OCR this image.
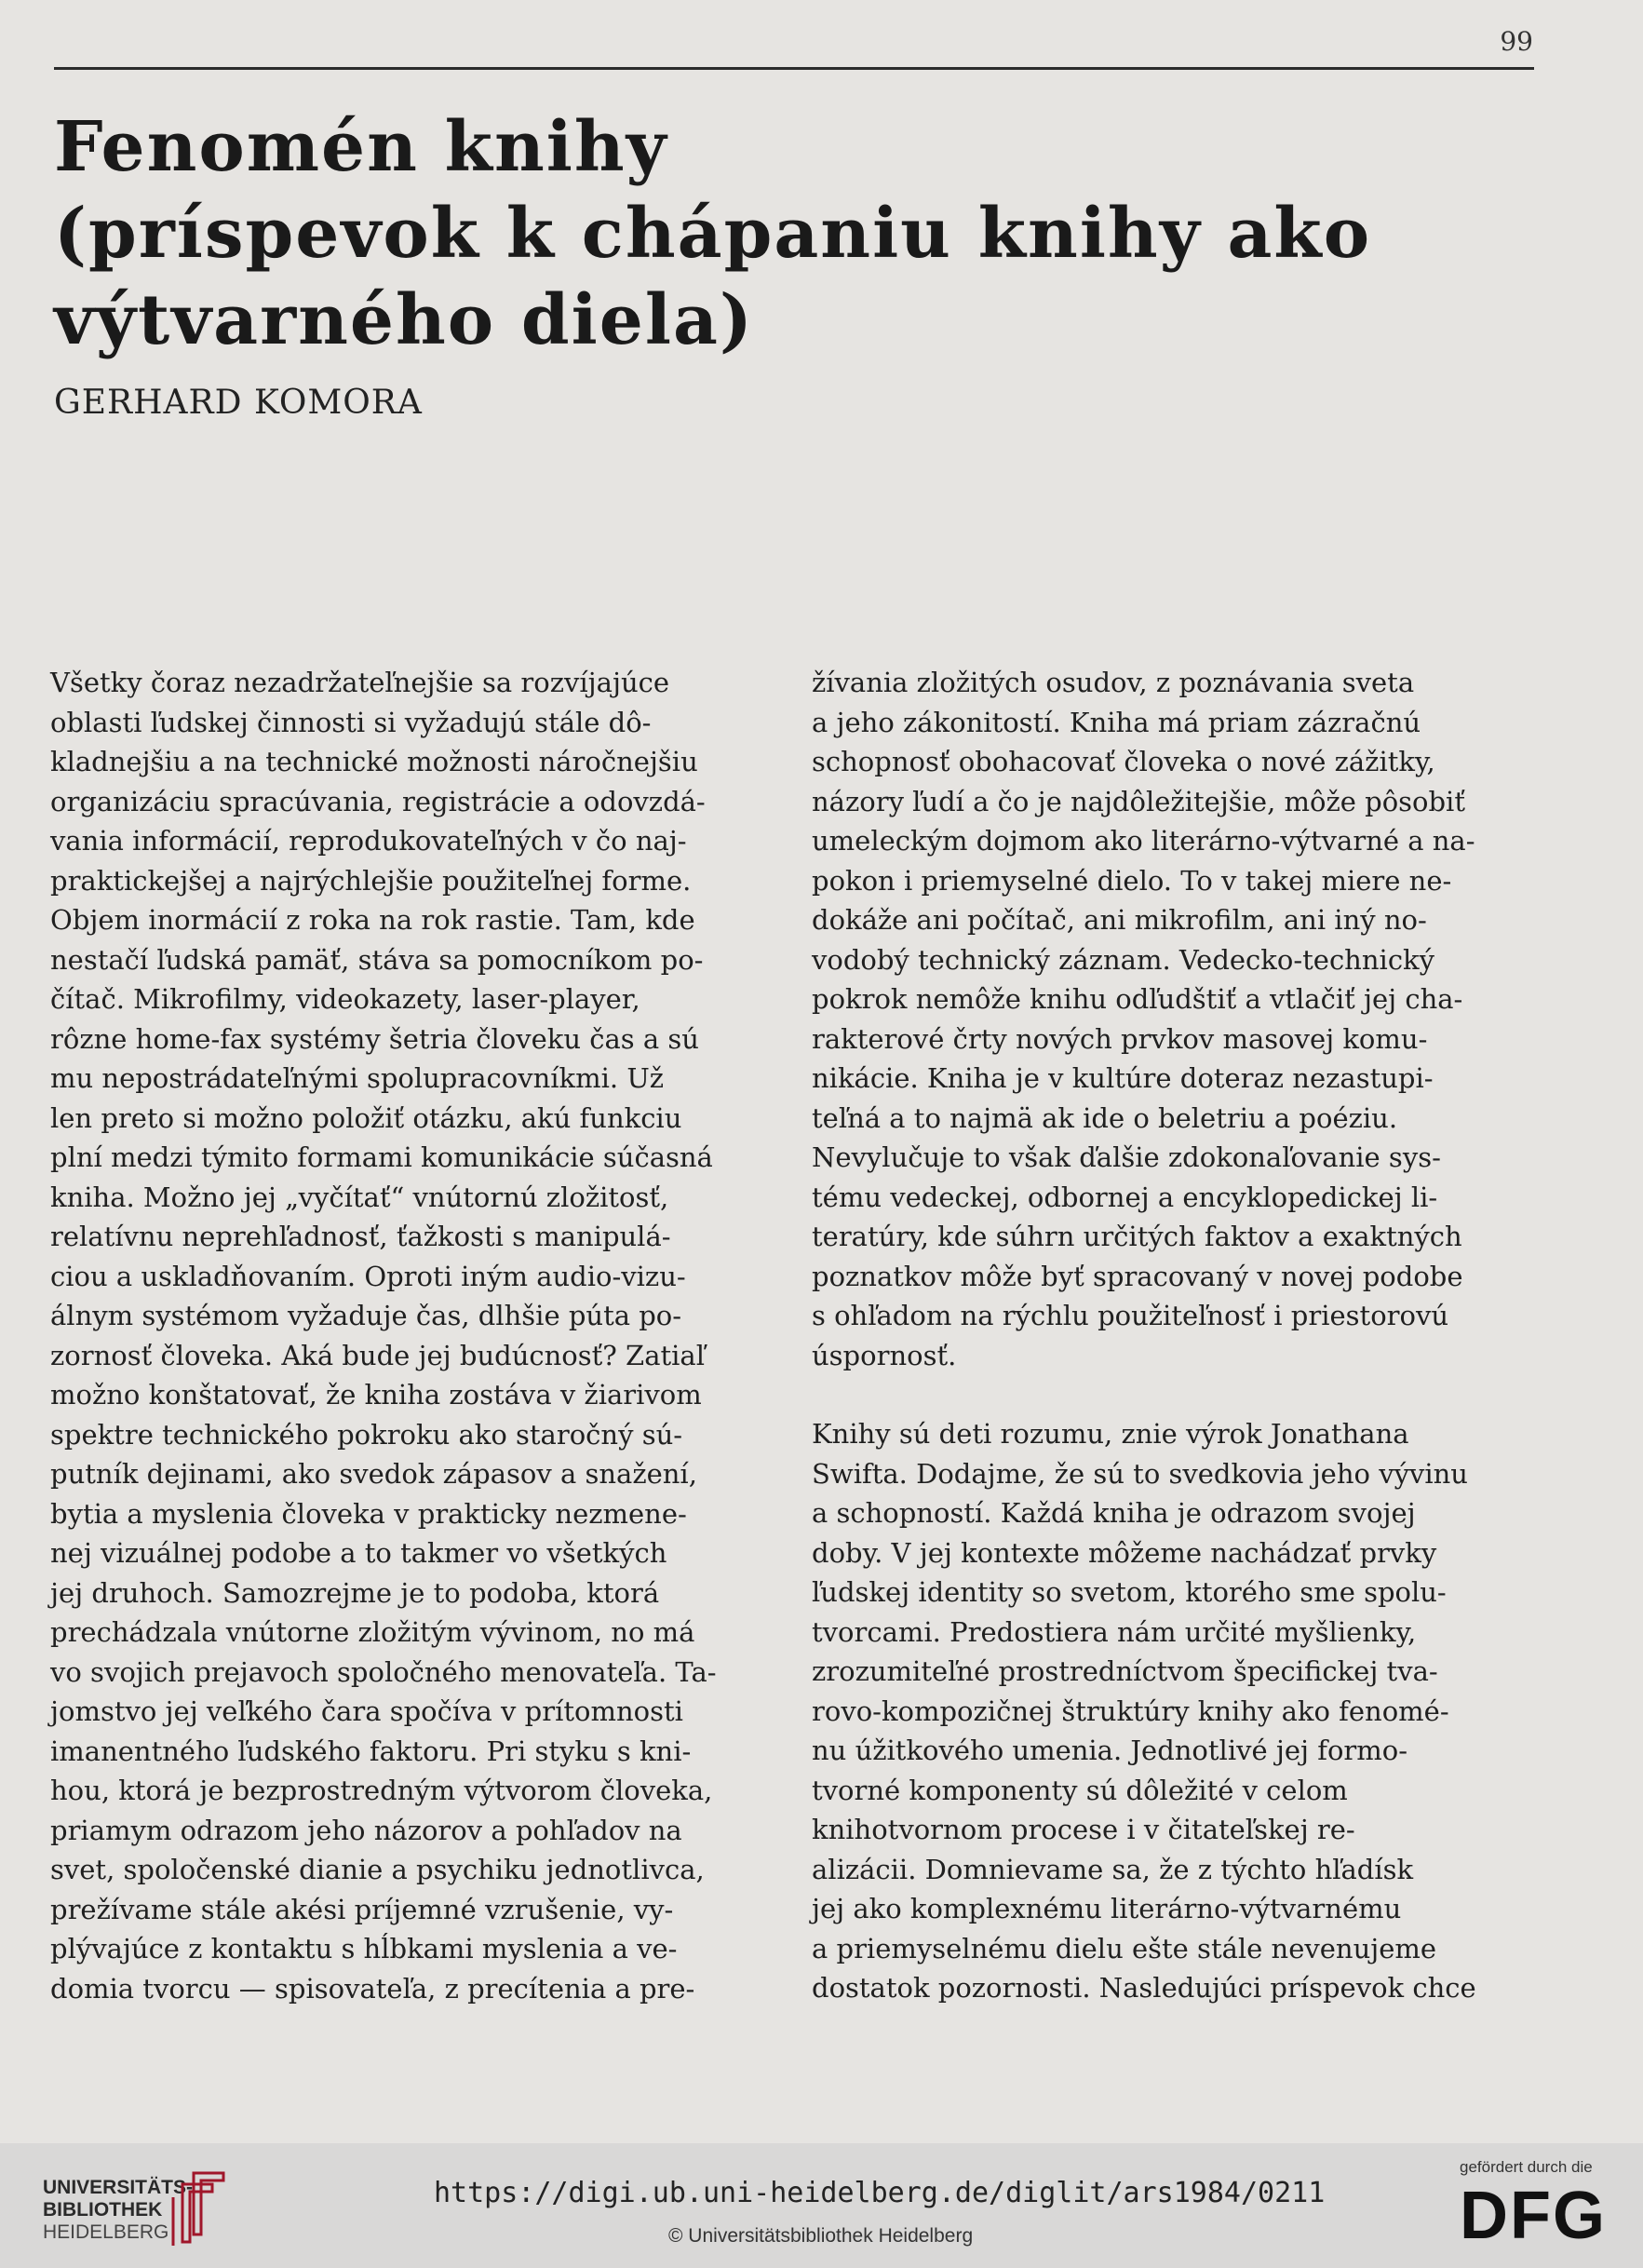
99
Fenomén knihy
(príspevok k chápaniu knihy ako
výtvarného diela)

GERHARD KOMORA

Všetky čoraz nezadržateľnejšie sa rozvíjajúce
oblasti ľudskej činnosti si vyžadujú stále dô-
kladnejšiu a na technické možnosti náročnejšiu
organizáciu spracúvania, registrácie a odovzdá-
vania informácií, reprodukovateľných v čo naj-
praktickejšej a najrýchlejšie použiteľnej forme.
Objem inormácií z roka na rok rastie. Tam, kde
nestačí ľudská pamäť, stáva sa pomocníkom po-
čítač. Mikrofilmy, videokazety, laser-player,
rôzne home-fax systémy šetria človeku čas a sú
mu nepostrádateľnými spolupracovníkmi. Už
len preto si možno položiť otázku, akú funkciu
plní medzi týmito formami komunikácie súčasná
kniha. Možno jej „vyčítať“ vnútornú zložitosť,
relatívnu neprehľadnosť, ťažkosti s manipulá-
ciou a uskladňovaním. Oproti iným audio-vizu-
álnym systémom vyžaduje čas, dlhšie púta po-
zornosť človeka. Aká bude jej budúcnosť? Zatiaľ
možno konštatovať, že kniha zostáva v žiarivom
spektre technického pokroku ako staročný sú-
putník dejinami, ako svedok zápasov a snažení,
bytia a myslenia človeka v prakticky nezmene-
nej vizuálnej podobe a to takmer vo všetkých
jej druhoch. Samozrejme je to podoba, ktorá
prechádzala vnútorne zložitým vývinom, no má
vo svojich prejavoch spoločného menovateľa. Ta-
jomstvo jej veľkého čara spočíva v prítomnosti
imanentného ľudského faktoru. Pri styku s kni-
hou, ktorá je bezprostredným výtvorom človeka,
priamym odrazom jeho názorov a pohľadov na
svet, spoločenské dianie a psychiku jednotlivca,
prežívame stále akési príjemné vzrušenie, vy-
plývajúce z kontaktu s hĺbkami myslenia a ve-
domia tvorcu — spisovateľa, z precítenia a pre-

žívania zložitých osudov, z poznávania sveta
a jeho zákonitostí. Kniha má priam zázračnú
schopnosť obohacovať človeka o nové zážitky,
názory ľudí a čo je najdôležitejšie, môže pôsobiť
umeleckým dojmom ako literárno-výtvarné a na-
pokon i priemyselné dielo. To v takej miere ne-
dokáže ani počítač, ani mikrofilm, ani iný no-
vodobý technický záznam. Vedecko-technický
pokrok nemôže knihu odľudštiť a vtlačiť jej cha-
rakterové črty nových prvkov masovej komu-
nikácie. Kniha je v kultúre doteraz nezastupi-
teľná a to najmä ak ide o beletriu a poéziu.
Nevylučuje to však ďalšie zdokonaľovanie sys-
tému vedeckej, odbornej a encyklopedickej li-
teratúry, kde súhrn určitých faktov a exaktných
poznatkov môže byť spracovaný v novej podobe
s ohľadom na rýchlu použiteľnosť i priestorovú
úspornosť.

Knihy sú deti rozumu, znie výrok Jonathana
Swifta. Dodajme, že sú to svedkovia jeho vývinu
a schopností. Každá kniha je odrazom svojej
doby. V jej kontexte môžeme nachádzať prvky
ľudskej identity so svetom, ktorého sme spolu-
tvorcami. Predostiera nám určité myšlienky,
zrozumiteľné prostredníctvom špecifickej tva-
rovo-kompozičnej štruktúry knihy ako fenomé-
nu úžitkového umenia. Jednotlivé jej formo-
tvorné komponenty sú dôležité v celom
knihotvornom procese i v čitateľskej re-
alizácii. Domnievame sa, že z týchto hľadísk
jej ako komplexnému literárno-výtvarnému
a priemyselnému dielu ešte stále nevenujeme
dostatok pozornosti. Nasledujúci príspevok chce

UNIVERSITÄTS-
BIBLIOTHEK
HEIDELBERG
https://digi.ub.uni-heidelberg.de/diglit/ars1984/0211
© Universitätsbibliothek Heidelberg
gefördert durch die
DFG
